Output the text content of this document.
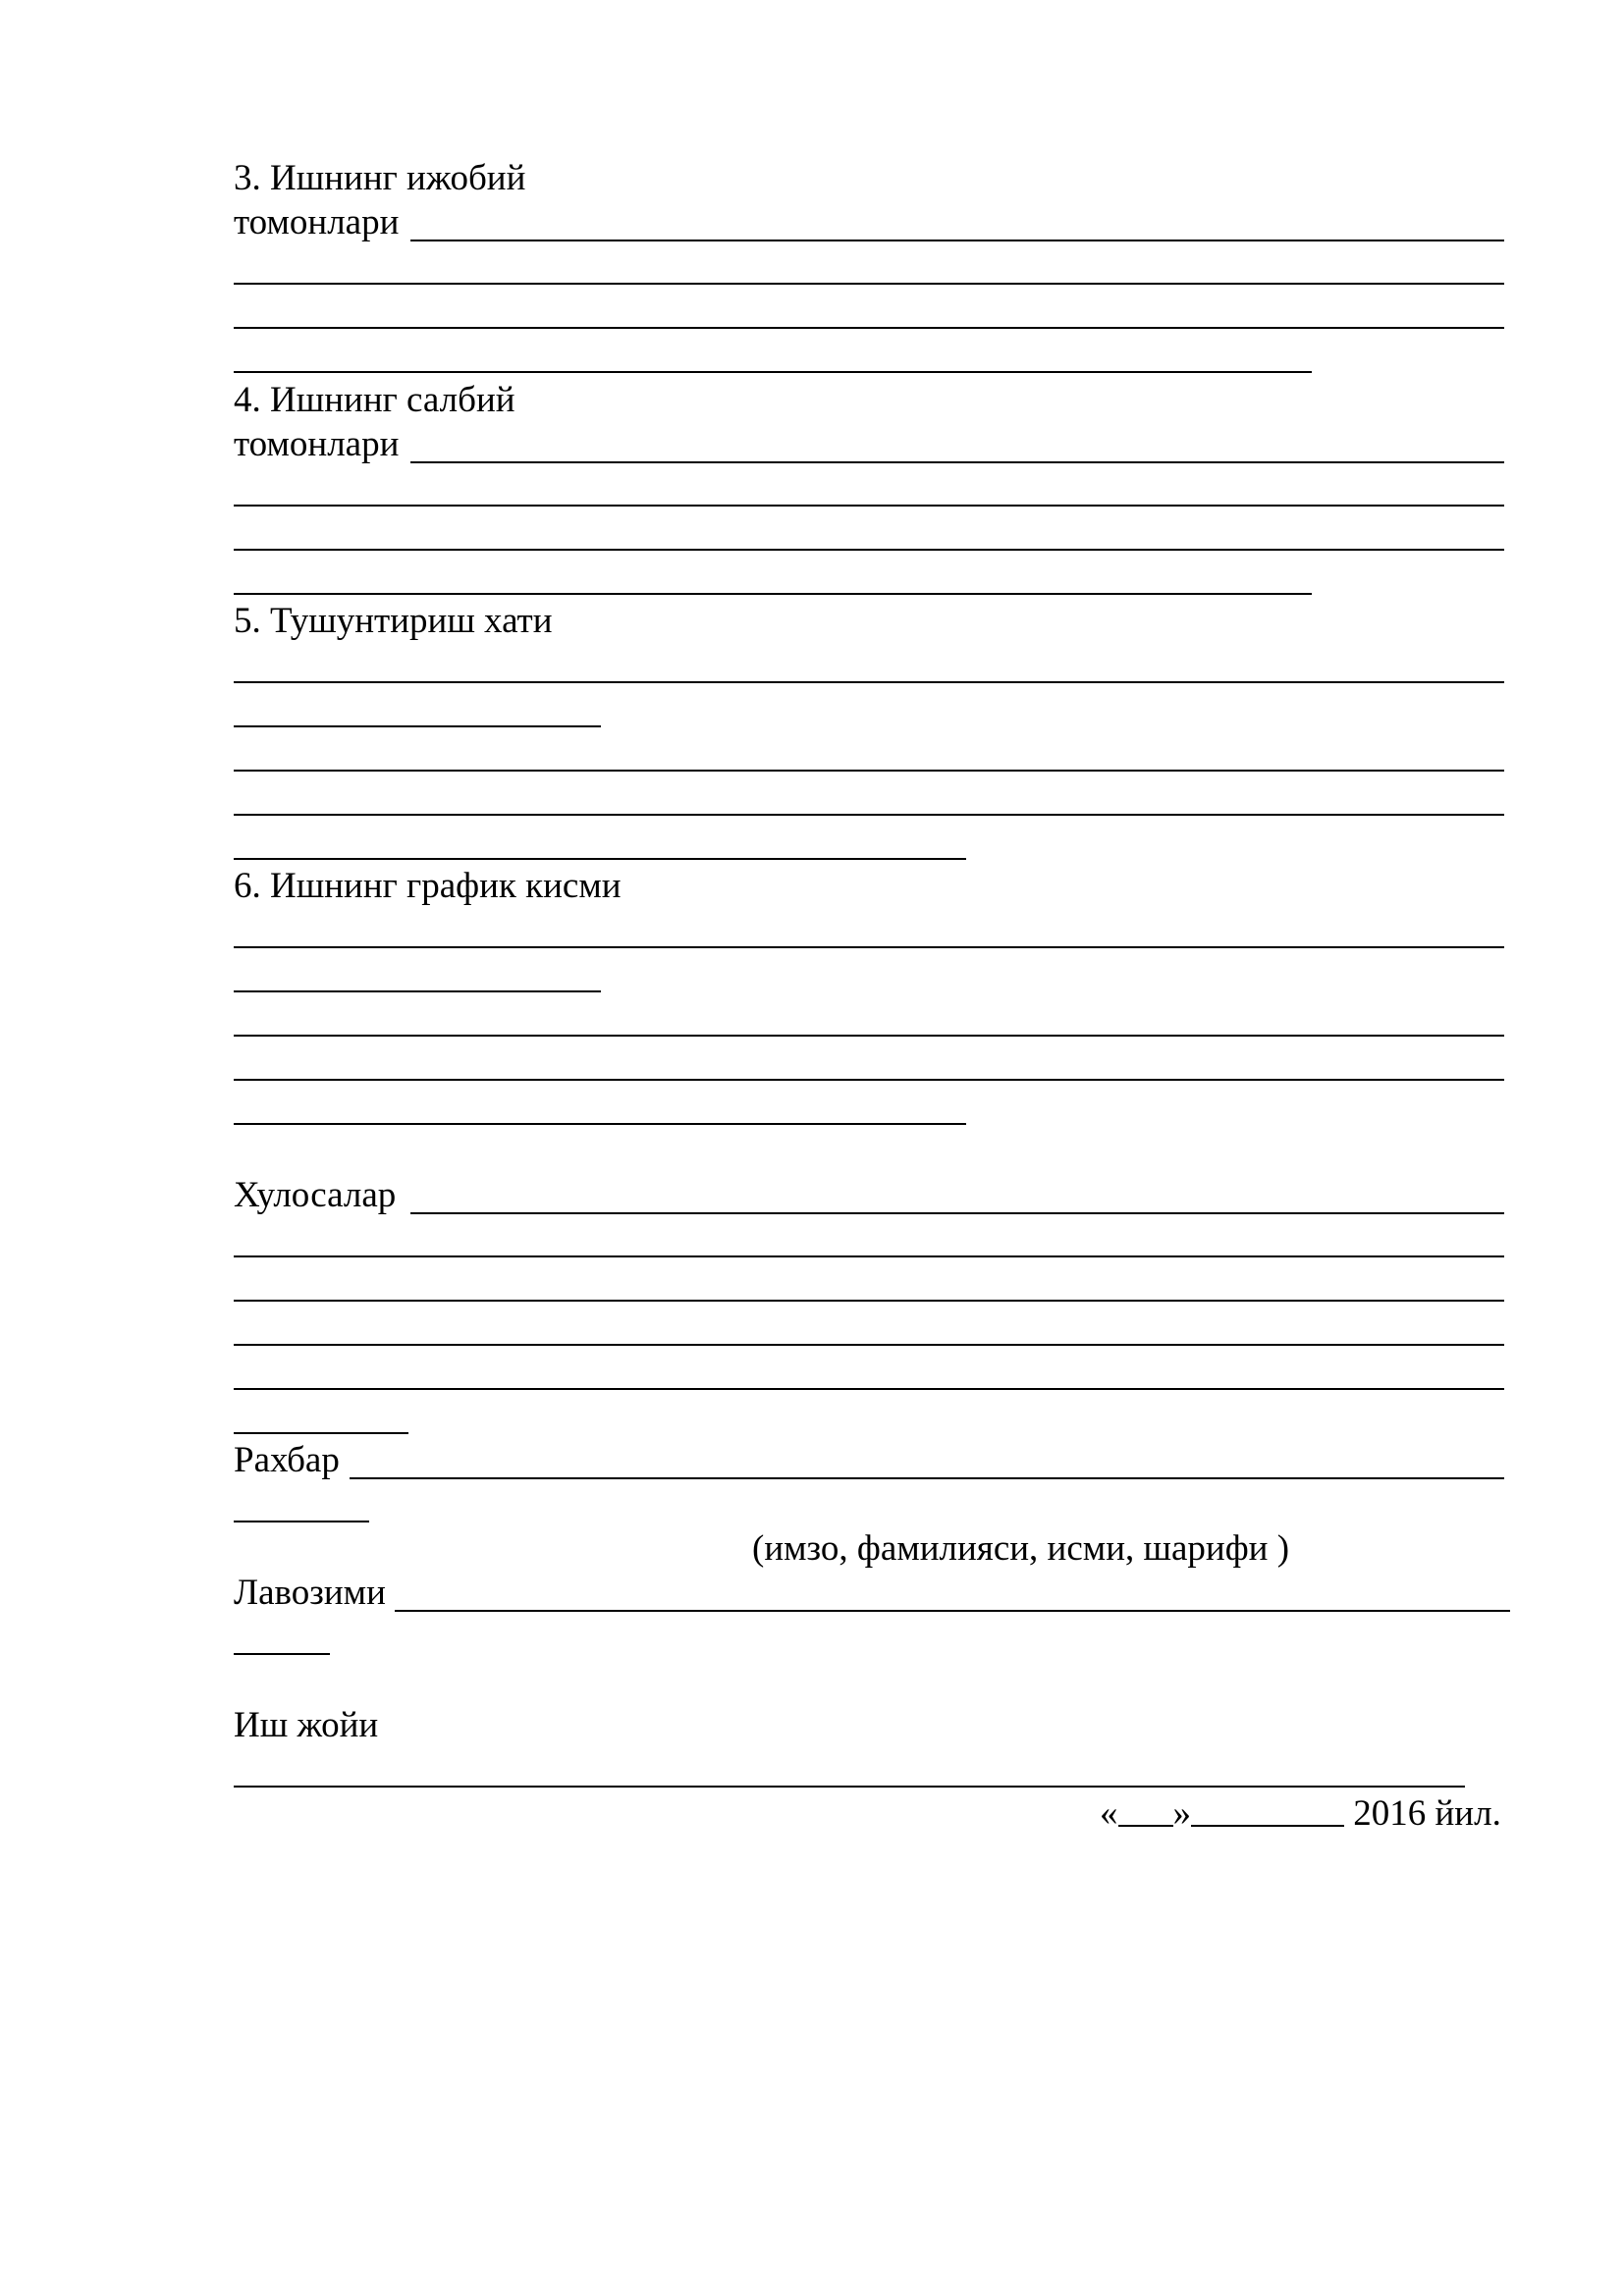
3. Ишнинг ижобий
томонлари
4. Ишнинг салбий
томонлари
5. Тушунтириш хати
6. Ишнинг график кисми
Хулосалар
Рахбар
(имзо, фамилияси, исми, шарифи )
Лавозими
Иш жойи
« »	2016 йил.
